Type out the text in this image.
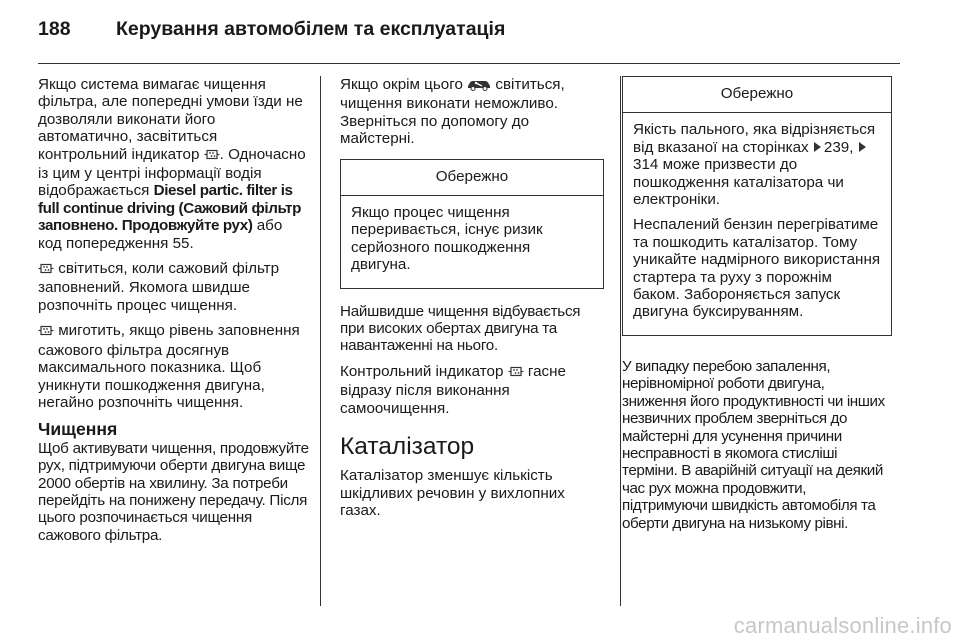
188 Керування автомобілем та експлуатація

Якщо система вимагає чищення фільтра, але попередні умови їзди не дозволяли виконати його автоматично, засвітиться контрольний індикатор . Одночасно із цим у центрі інформації водія відображається Diesel partic. filter is full continue driving (Сажовий фільтр заповнено. Продовжуйте рух) або код попередження 55.

світиться, коли сажовий фільтр заповнений. Якомога швидше розпочніть процес чищення.

миготить, якщо рівень заповнення сажового фільтра досягнув максимального показника. Щоб уникнути пошкодження двигуна, негайно розпочніть чищення.

Чищення

Щоб активувати чищення, продовжуйте рух, підтримуючи оберти двигуна вище 2000 обертів на хвилину. За потреби перейдіть на понижену передачу. Після цього розпочинається чищення сажового фільтра.

Якщо окрім цього світиться, чищення виконати неможливо. Зверніться по допомогу до майстерні.

Обережно

Якщо процес чищення переривається, існує ризик серйозного пошкодження двигуна.

Найшвидше чищення відбувається при високих обертах двигуна та навантаженні на нього.

Контрольний індикатор гасне відразу після виконання самоочищення.

Каталізатор

Каталізатор зменшує кількість шкідливих речовин у вихлопних газах.

Обережно

Якість пального, яка відрізняється від вказаної на сторінках 239, 314 може призвести до пошкодження каталізатора чи електроніки.

Неспалений бензин перегріватиме та пошкодить каталізатор. Тому уникайте надмірного використання стартера та руху з порожнім баком. Забороняється запуск двигуна буксируванням.

У випадку перебою запалення, нерівномірної роботи двигуна, зниження його продуктивності чи інших незвичних проблем зверніться до майстерні для усунення причини несправності в якомога стисліші терміни. В аварійній ситуації на деякий час рух можна продовжити, підтримуючи швидкість автомобіля та оберти двигуна на низькому рівні.

carmanualsonline.info
